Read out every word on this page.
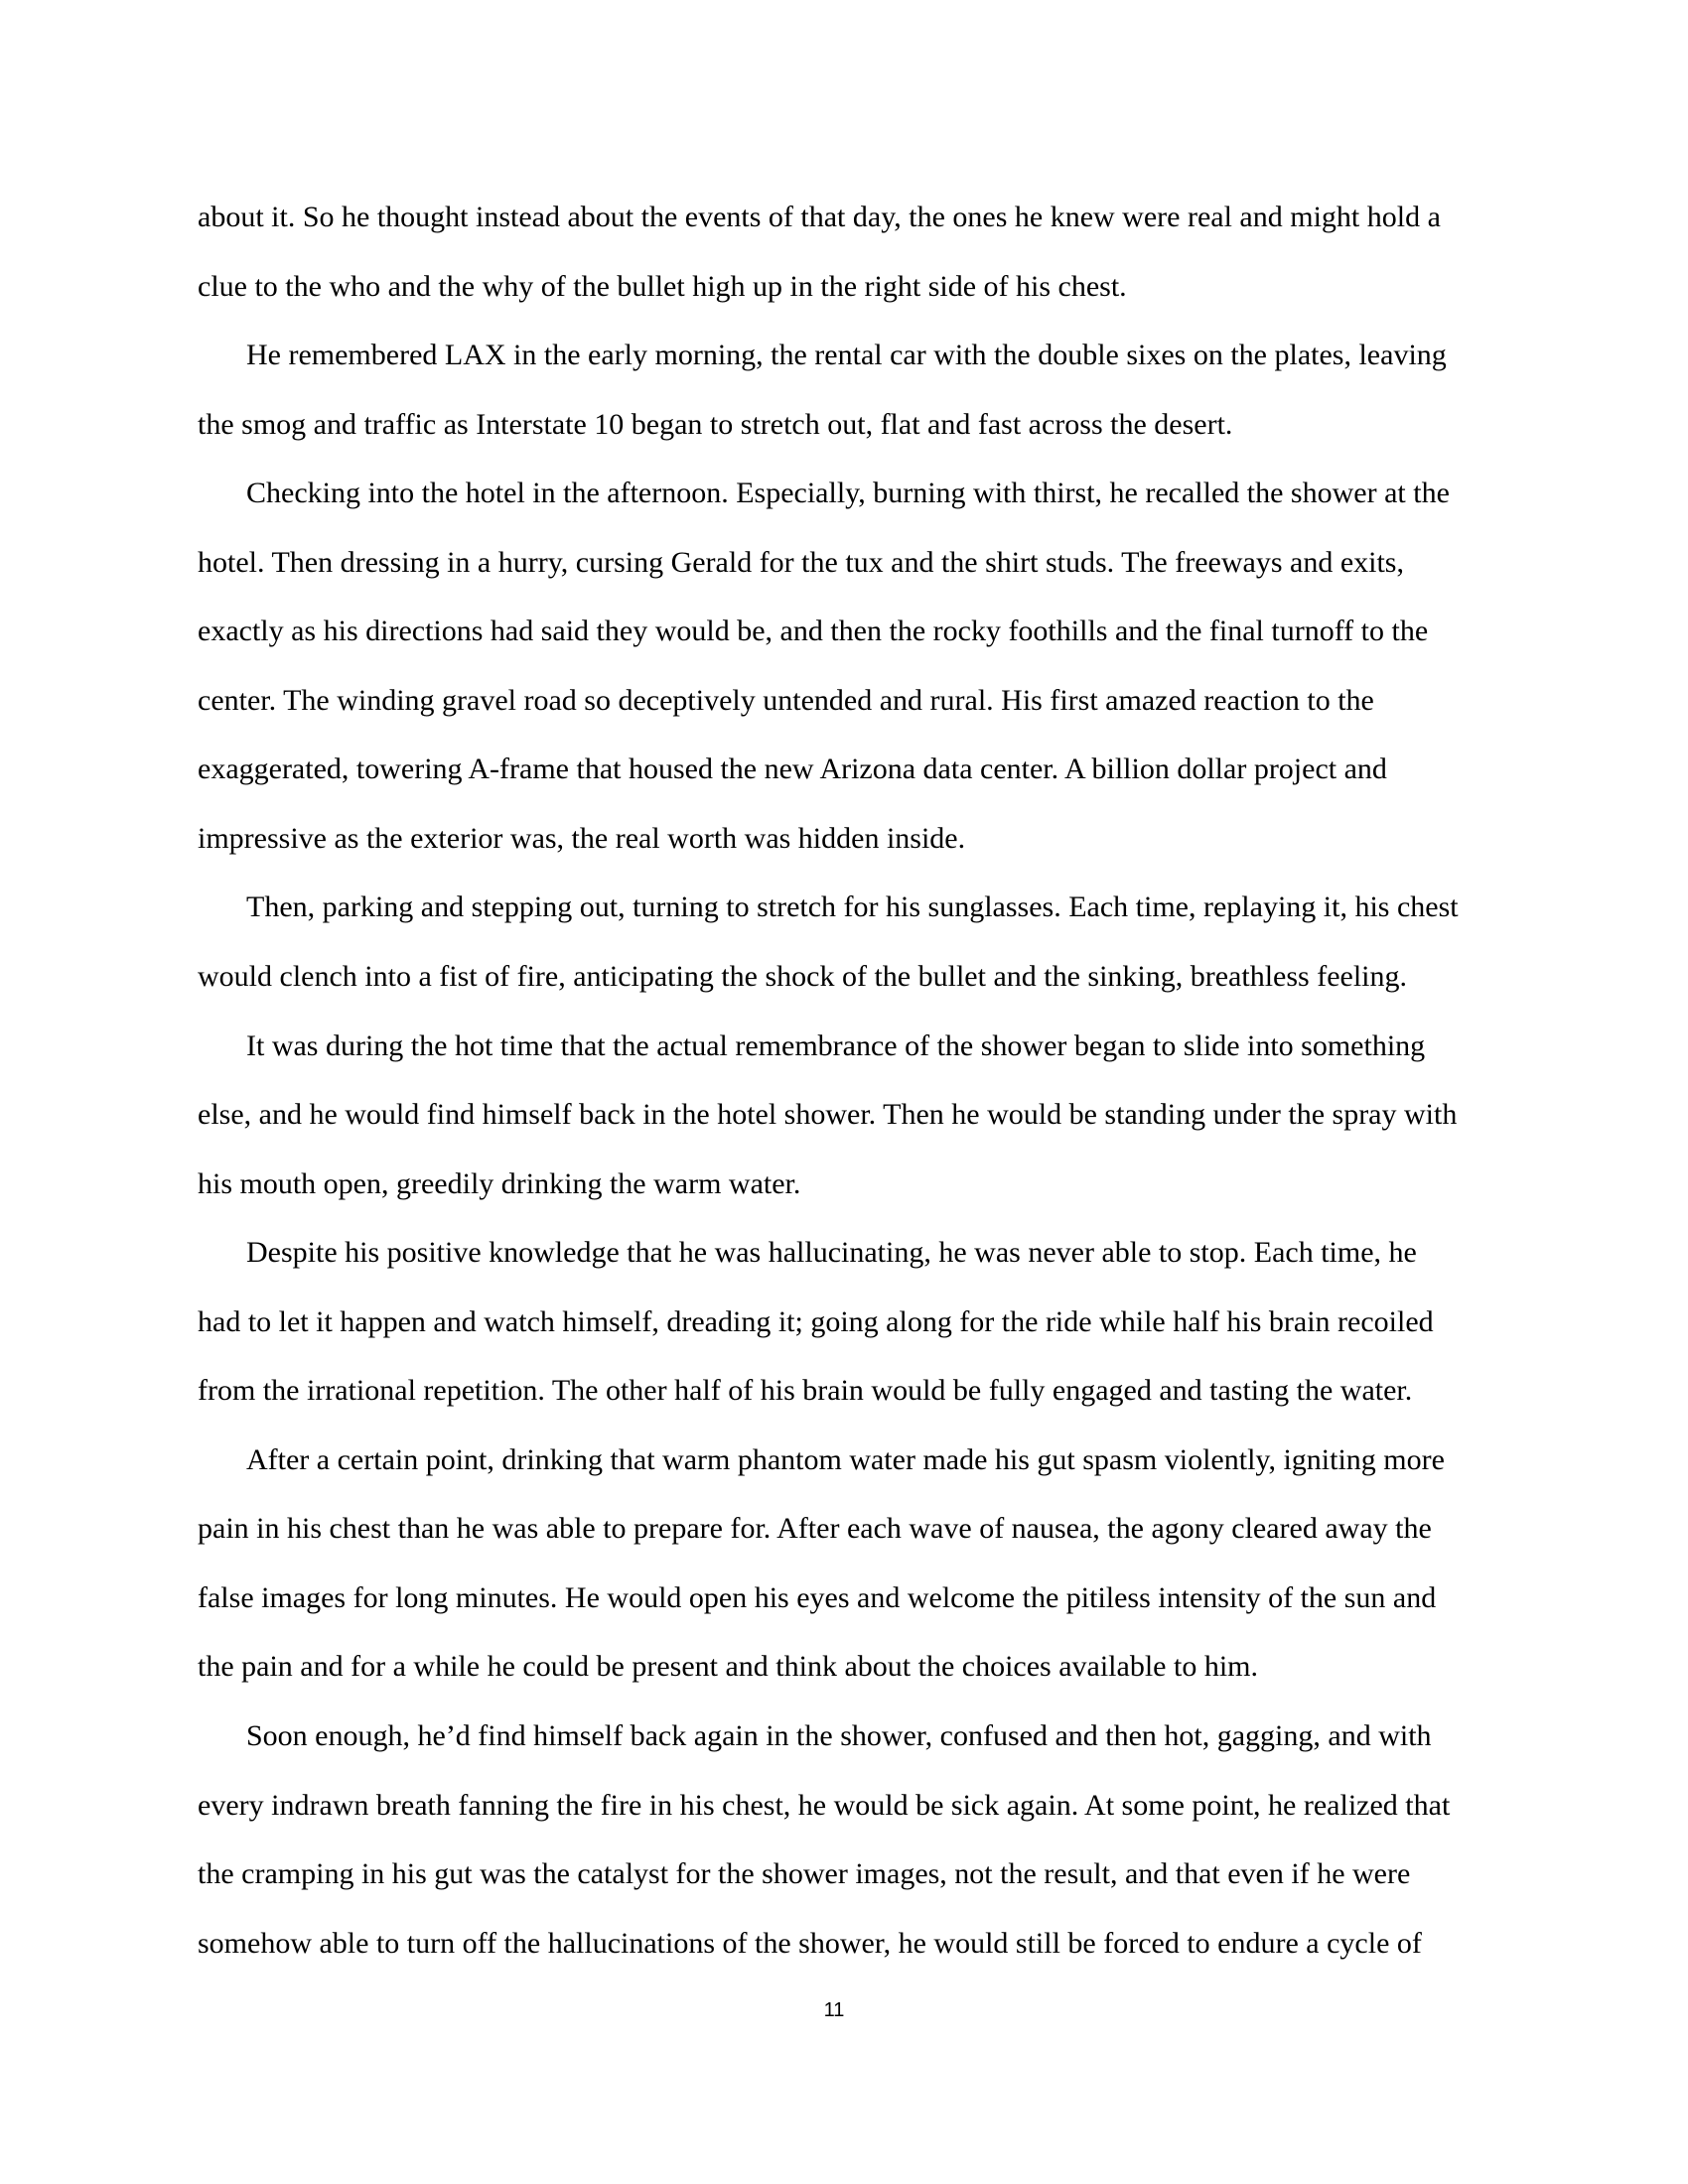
about it. So he thought instead about the events of that day, the ones he knew were real and might hold a
clue to the who and the why of the bullet high up in the right side of his chest.
He remembered LAX in the early morning, the rental car with the double sixes on the plates, leaving
the smog and traffic as Interstate 10 began to stretch out, flat and fast across the desert.
Checking into the hotel in the afternoon. Especially, burning with thirst, he recalled the shower at the
hotel. Then dressing in a hurry, cursing Gerald for the tux and the shirt studs. The freeways and exits,
exactly as his directions had said they would be, and then the rocky foothills and the final turnoff to the
center. The winding gravel road so deceptively untended and rural. His first amazed reaction to the
exaggerated, towering A-frame that housed the new Arizona data center. A billion dollar project and
impressive as the exterior was, the real worth was hidden inside.
Then, parking and stepping out, turning to stretch for his sunglasses. Each time, replaying it, his chest
would clench into a fist of fire, anticipating the shock of the bullet and the sinking, breathless feeling.
It was during the hot time that the actual remembrance of the shower began to slide into something
else, and he would find himself back in the hotel shower. Then he would be standing under the spray with
his mouth open, greedily drinking the warm water.
Despite his positive knowledge that he was hallucinating, he was never able to stop. Each time, he
had to let it happen and watch himself, dreading it; going along for the ride while half his brain recoiled
from the irrational repetition. The other half of his brain would be fully engaged and tasting the water.
After a certain point, drinking that warm phantom water made his gut spasm violently, igniting more
pain in his chest than he was able to prepare for. After each wave of nausea, the agony cleared away the
false images for long minutes. He would open his eyes and welcome the pitiless intensity of the sun and
the pain and for a while he could be present and think about the choices available to him.
Soon enough, he’d find himself back again in the shower, confused and then hot, gagging, and with
every indrawn breath fanning the fire in his chest, he would be sick again. At some point, he realized that
the cramping in his gut was the catalyst for the shower images, not the result, and that even if he were
somehow able to turn off the hallucinations of the shower, he would still be forced to endure a cycle of
11
